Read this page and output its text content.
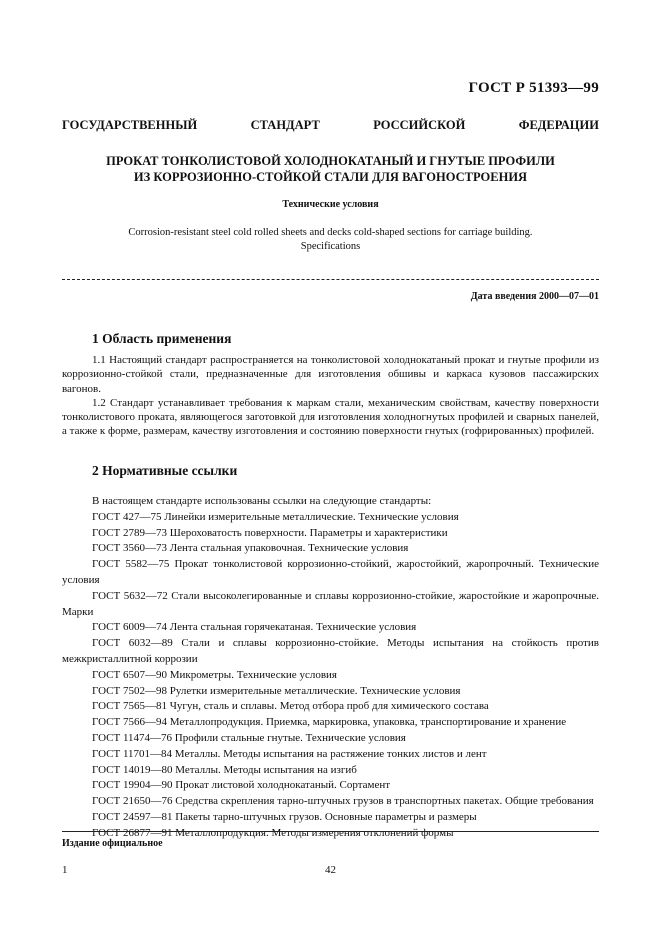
ГОСТ Р 51393—99
ГОСУДАРСТВЕННЫЙ	СТАНДАРТ	РОССИЙСКОЙ	ФЕДЕРАЦИИ
ПРОКАТ ТОНКОЛИСТОВОЙ ХОЛОДНОКАТАНЫЙ И ГНУТЫЕ ПРОФИЛИ
ИЗ КОРРОЗИОННО-СТОЙКОЙ СТАЛИ ДЛЯ ВАГОНОСТРОЕНИЯ
Технические условия
Corrosion-resistant steel cold rolled sheets and decks cold-shaped sections for carriage building.
Specifications
Дата введения 2000—07—01
1 Область применения

1.1 Настоящий стандарт распространяется на тонколистовой холоднокатаный прокат и гнутые профили из коррозионно-стойкой стали, предназначенные для изготовления обшивы и каркаса кузовов пассажирских вагонов.

1.2 Стандарт устанавливает требования к маркам стали, механическим свойствам, качеству поверхности тонколистового проката, являющегося заготовкой для изготовления холодногнутых профилей и сварных панелей, а также к форме, размерам, качеству изготовления и состоянию поверхности гнутых (гофрированных) профилей.

2 Нормативные ссылки

В настоящем стандарте использованы ссылки на следующие стандарты:

ГОСТ 427—75 Линейки измерительные металлические. Технические условия

ГОСТ 2789—73 Шероховатость поверхности. Параметры и характеристики

ГОСТ 3560—73 Лента стальная упаковочная. Технические условия

ГОСТ 5582—75 Прокат тонколистовой коррозионно-стойкий, жаростойкий, жаропрочный. Технические условия

ГОСТ 5632—72 Стали высоколегированные и сплавы коррозионно-стойкие, жаростойкие и жаропрочные. Марки

ГОСТ 6009—74 Лента стальная горячекатаная. Технические условия

ГОСТ 6032—89 Стали и сплавы коррозионно-стойкие. Методы испытания на стойкость против межкристаллитной коррозии

ГОСТ 6507—90 Микрометры. Технические условия

ГОСТ 7502—98 Рулетки измерительные металлические. Технические условия

ГОСТ 7565—81 Чугун, сталь и сплавы. Метод отбора проб для химического состава

ГОСТ 7566—94 Металлопродукция. Приемка, маркировка, упаковка, транспортирование и хранение

ГОСТ 11474—76 Профили стальные гнутые. Технические условия

ГОСТ 11701—84 Металлы. Методы испытания на растяжение тонких листов и лент

ГОСТ 14019—80 Металлы. Методы испытания на изгиб

ГОСТ 19904—90 Прокат листовой холоднокатаный. Сортамент

ГОСТ 21650—76 Средства скрепления тарно-штучных грузов в транспортных пакетах. Общие требования

ГОСТ 24597—81 Пакеты тарно-штучных грузов. Основные параметры и размеры

ГОСТ 26877—91 Металлопродукция. Методы измерения отклонений формы

Издание официальное
1	42
